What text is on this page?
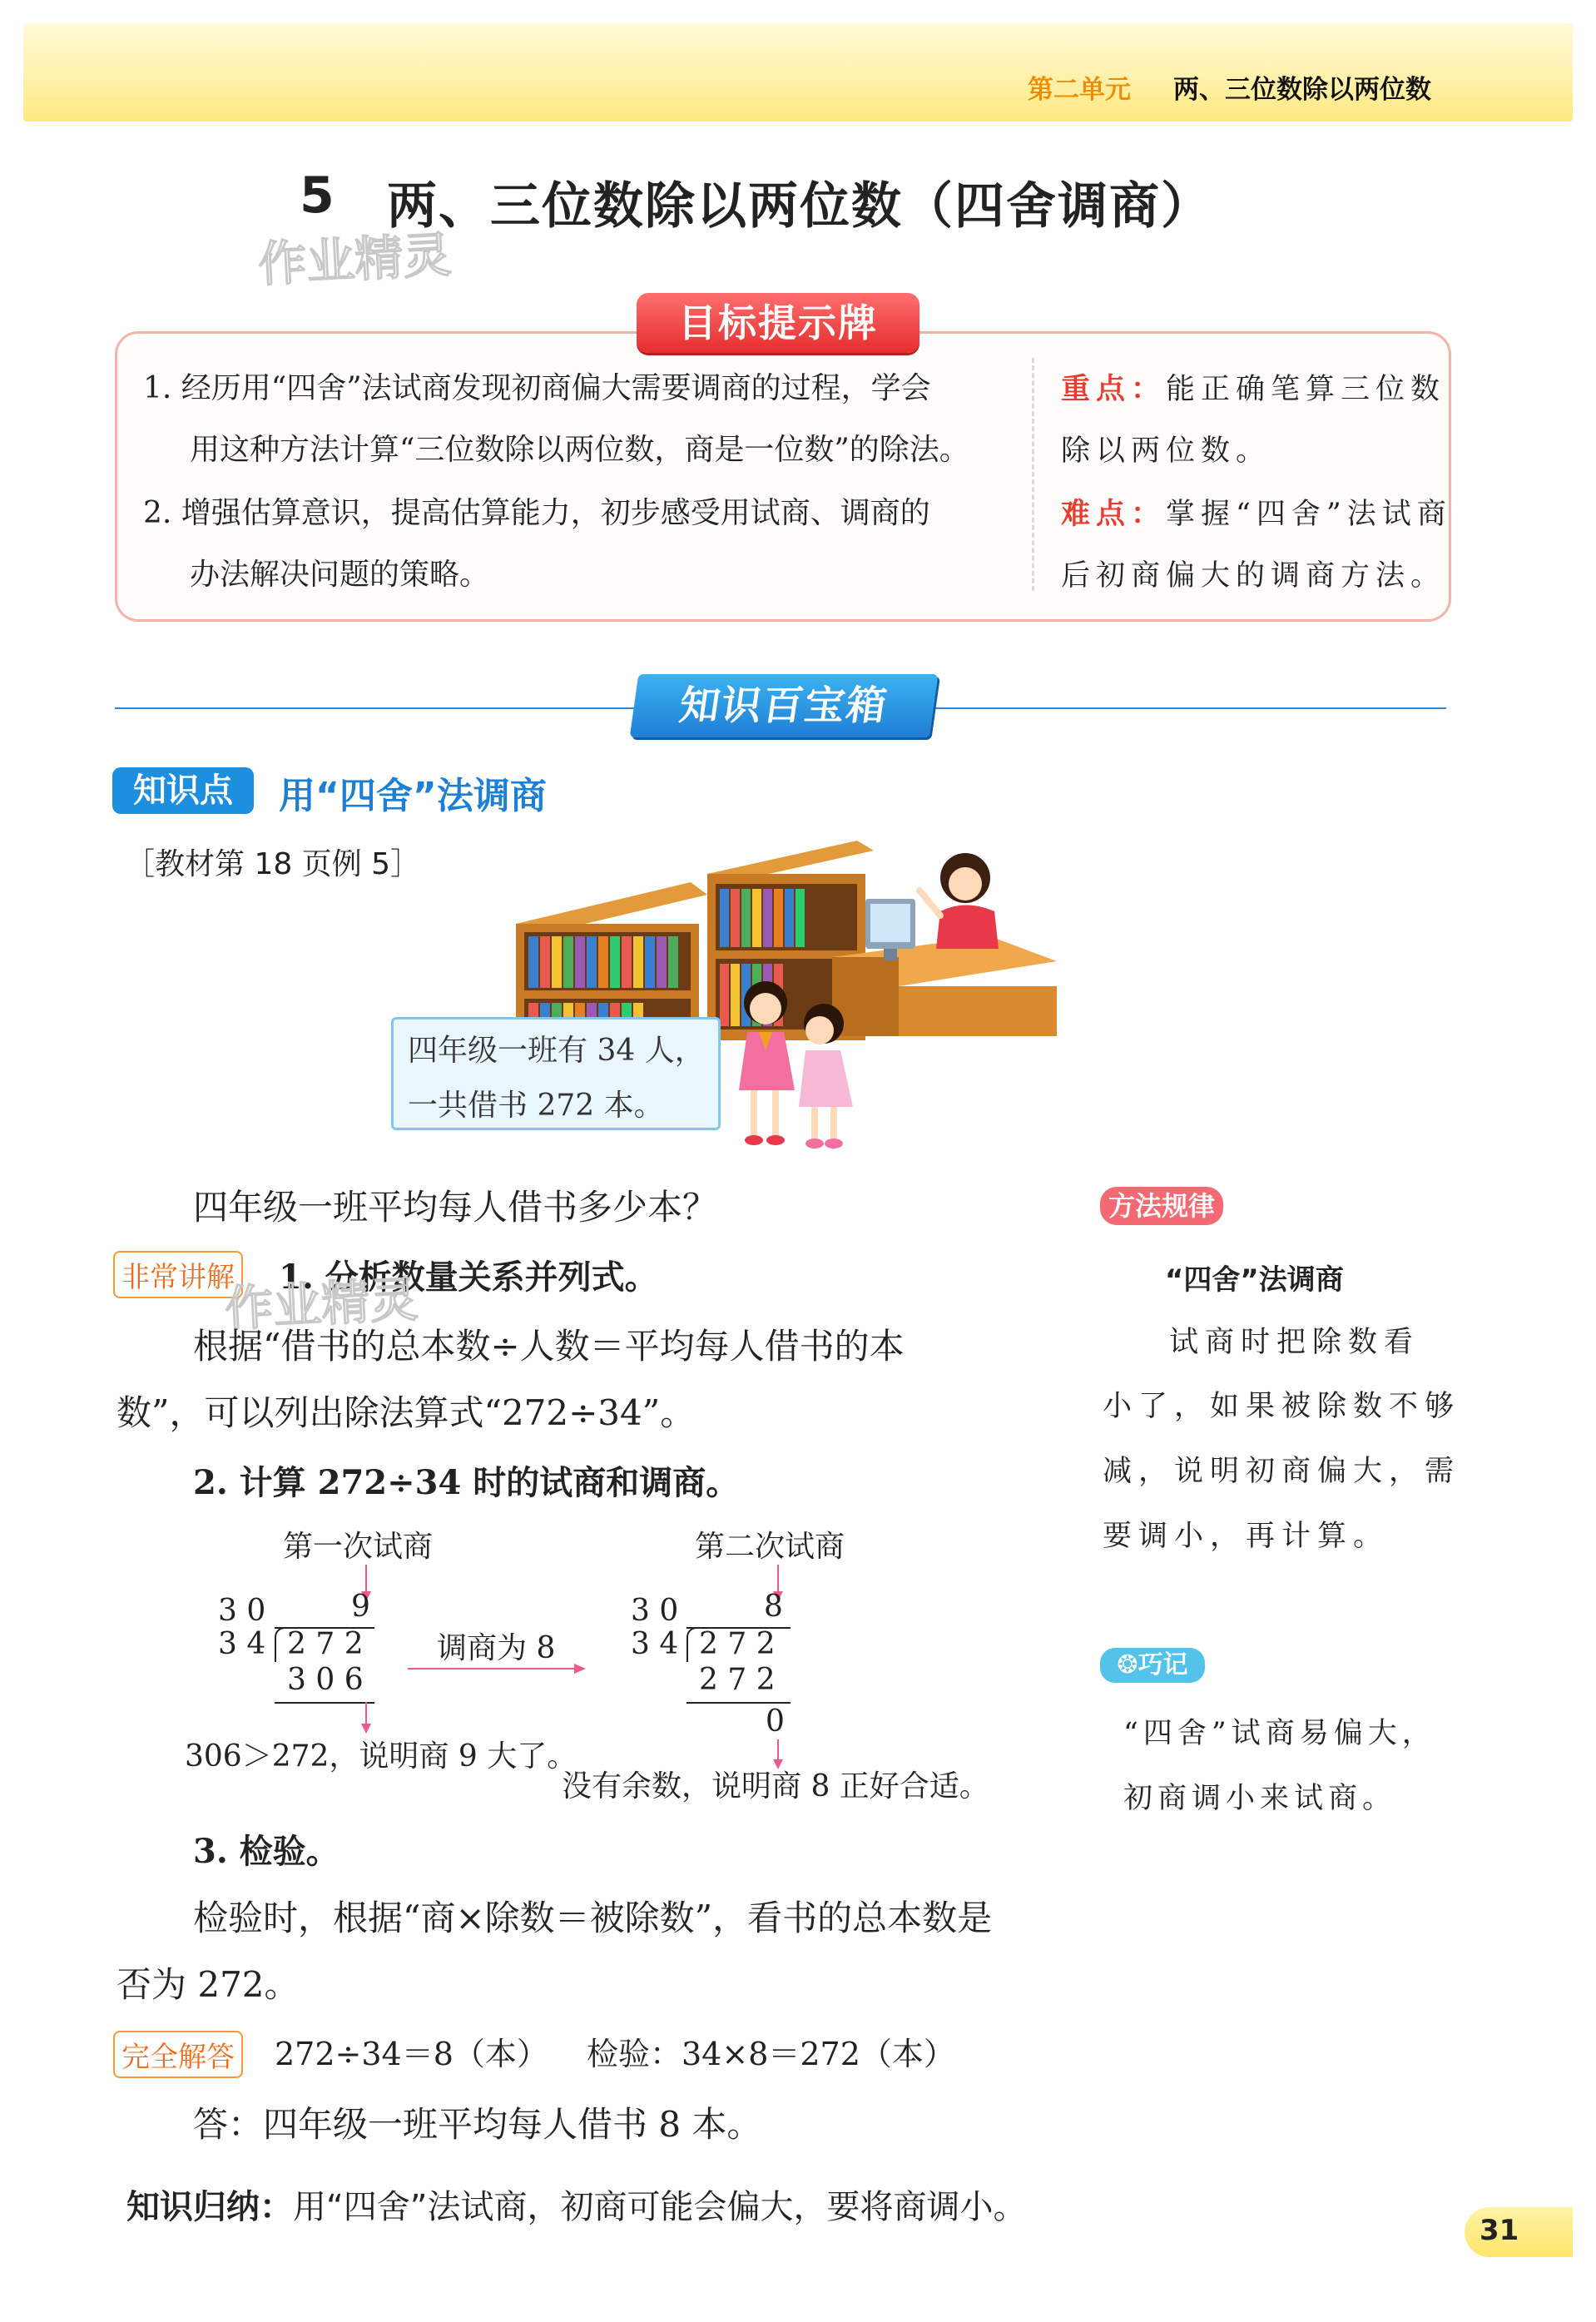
第二单元 两、三位数除以两位数
5 两、三位数除以两位数（四舍调商）
作业精灵
目标提示牌
1. 经历用“四舍”法试商发现初商偏大需要调商的过程，学会
用这种方法计算“三位数除以两位数，商是一位数”的除法。
2. 增强估算意识，提高估算能力，初步感受用试商、调商的
办法解决问题的策略。
重点：能正确笔算三位数
除以两位数。
难点：掌握“四舍”法试商
后初商偏大的调商方法。
知识百宝箱
知识点	用“四舍”法调商
［教材第 18 页例 5］
四年级一班有 34 人，
一共借书 272 本。
四年级一班平均每人借书多少本？
非常讲解 1. 分析数量关系并列式。
作业精灵
根据“借书的总本数÷人数＝平均每人借书的本
数”，可以列出除法算式“272÷34”。
2. 计算 272÷34 时的试商和调商。
第一次试商	第二次试商
3 0	9
3 4 2 7 2
3 0 6
306＞272，说明商 9 大了。
调商为 8
3 0	8
3 4 2 7 2
2 7 2
0
没有余数，说明商 8 正好合适。
3. 检验。
检验时，根据“商×除数＝被除数”，看书的总本数是
否为 272。
完全解答 272÷34＝8（本） 检验：34×8＝272（本）
答：四年级一班平均每人借书 8 本。
知识归纳：用“四舍”法试商，初商可能会偏大，要将商调小。
方法规律
“四舍”法调商
试商时把除数看
小了，如果被除数不够
减，说明初商偏大，需
要调小，再计算。
❂巧记
“四舍”试商易偏大，
初商调小来试商。
31
